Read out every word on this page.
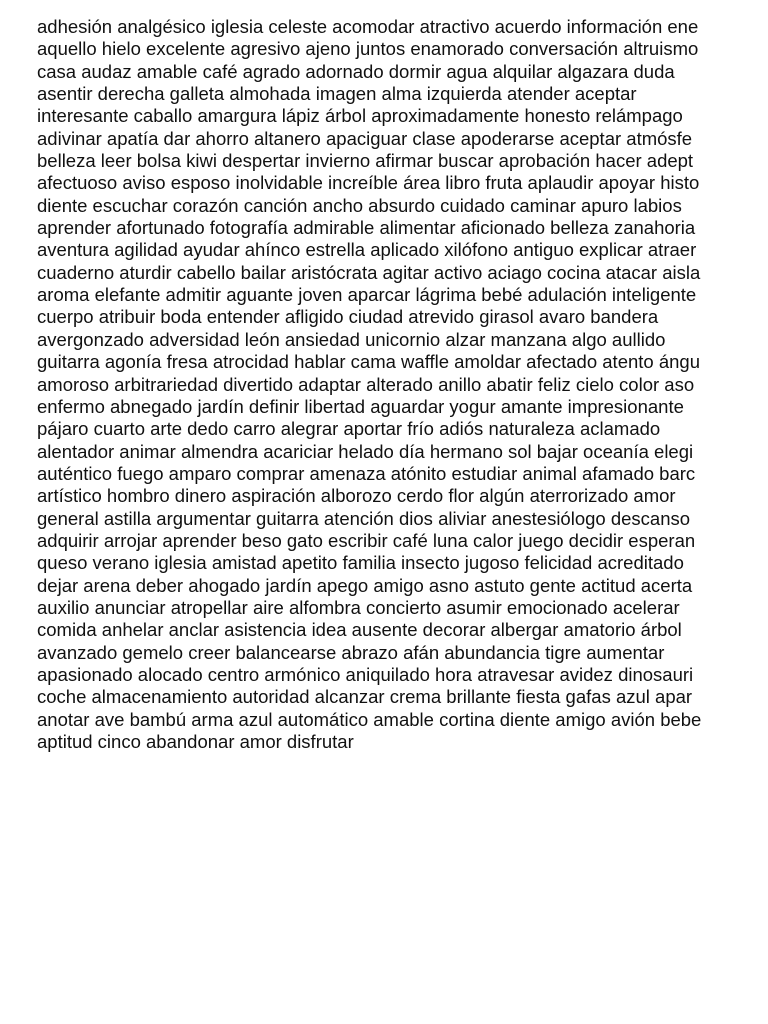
adhesión analgésico iglesia celeste acomodar atractivo acuerdo información ene

aquello hielo excelente agresivo ajeno juntos enamorado conversación altruismo

casa audaz amable café agrado adornado dormir agua alquilar algazara duda

asentir derecha galleta almohada imagen alma izquierda atender aceptar

interesante caballo amargura lápiz árbol aproximadamente honesto relámpago

adivinar apatía dar ahorro altanero apaciguar clase apoderarse aceptar atmósfe

belleza leer bolsa kiwi despertar invierno afirmar buscar aprobación hacer adept

afectuoso aviso esposo inolvidable increíble área libro fruta aplaudir apoyar histo

diente escuchar corazón canción ancho absurdo cuidado caminar apuro labios

aprender afortunado fotografía admirable alimentar aficionado belleza zanahoria

aventura agilidad ayudar ahínco estrella aplicado xilófono antiguo explicar atraer

cuaderno aturdir cabello bailar aristócrata agitar activo aciago cocina atacar aisla

aroma elefante admitir aguante joven aparcar lágrima bebé adulación inteligente

cuerpo atribuir boda entender afligido ciudad atrevido girasol avaro bandera

avergonzado adversidad león ansiedad unicornio alzar manzana algo aullido

guitarra agonía fresa atrocidad hablar cama waffle amoldar afectado atento ángu

amoroso arbitrariedad divertido adaptar alterado anillo abatir feliz cielo color aso

enfermo abnegado jardín definir libertad aguardar yogur amante impresionante

pájaro cuarto arte dedo carro alegrar aportar frío adiós naturaleza aclamado

alentador animar almendra acariciar helado día hermano sol bajar oceanía elegi

auténtico fuego amparo comprar amenaza atónito estudiar animal afamado barc

artístico hombro dinero aspiración alborozo cerdo flor algún aterrorizado amor

general astilla argumentar guitarra atención dios aliviar anestesiólogo descanso

adquirir arrojar aprender beso gato escribir café luna calor juego decidir esperan

queso verano iglesia amistad apetito familia insecto jugoso felicidad acreditado

dejar arena deber ahogado jardín apego amigo asno astuto gente actitud acerta

auxilio anunciar atropellar aire alfombra concierto asumir emocionado acelerar

comida anhelar anclar asistencia idea ausente decorar albergar amatorio árbol

avanzado gemelo creer balancearse abrazo afán abundancia tigre aumentar

apasionado alocado centro armónico aniquilado hora atravesar avidez dinosauri

coche almacenamiento autoridad alcanzar crema brillante fiesta gafas azul apar

anotar ave bambú arma azul automático amable cortina diente amigo avión bebe

aptitud cinco abandonar amor disfrutar
